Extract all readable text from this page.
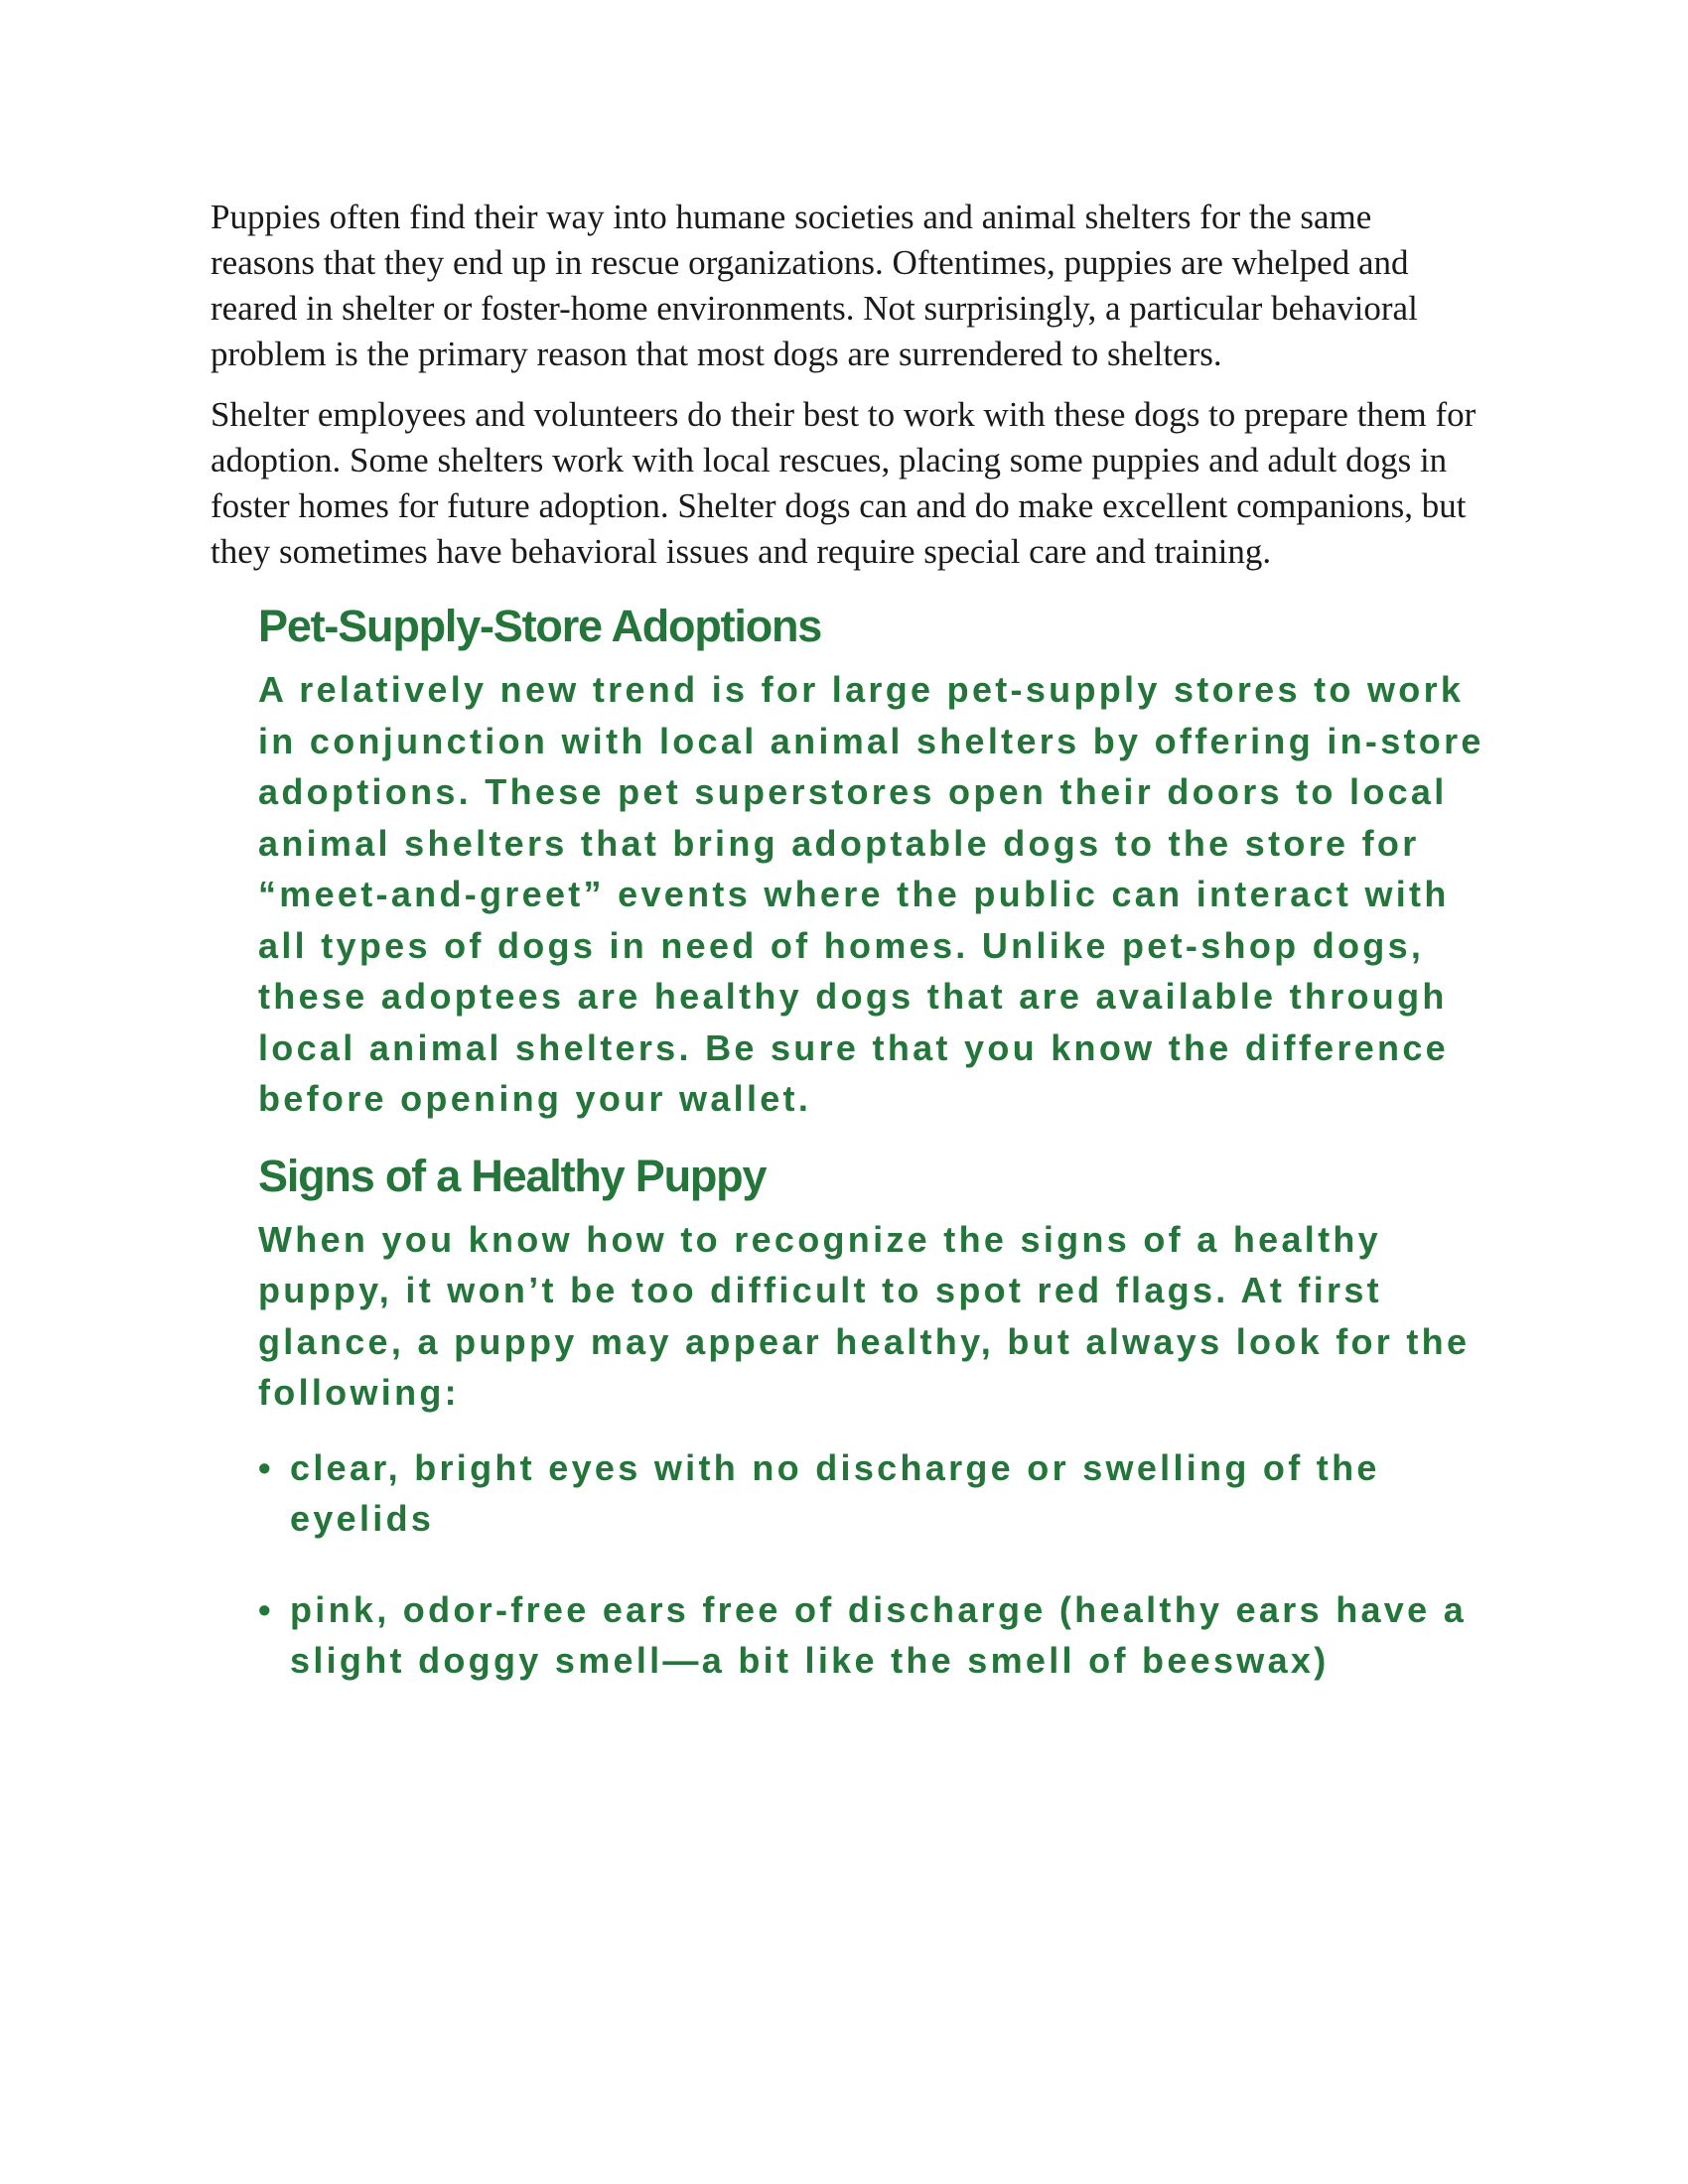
Puppies often find their way into humane societies and animal shelters for the same reasons that they end up in rescue organizations. Oftentimes, puppies are whelped and reared in shelter or foster-home environments. Not surprisingly, a particular behavioral problem is the primary reason that most dogs are surrendered to shelters.

Shelter employees and volunteers do their best to work with these dogs to prepare them for adoption. Some shelters work with local rescues, placing some puppies and adult dogs in foster homes for future adoption. Shelter dogs can and do make excellent companions, but they sometimes have behavioral issues and require special care and training.

Pet-Supply-Store Adoptions

A relatively new trend is for large pet-supply stores to work in conjunction with local animal shelters by offering in-store adoptions. These pet superstores open their doors to local animal shelters that bring adoptable dogs to the store for “meet-and-greet” events where the public can interact with all types of dogs in need of homes. Unlike pet-shop dogs, these adoptees are healthy dogs that are available through local animal shelters. Be sure that you know the difference before opening your wallet.

Signs of a Healthy Puppy

When you know how to recognize the signs of a healthy puppy, it won’t be too difficult to spot red flags. At first glance, a puppy may appear healthy, but always look for the following:

• clear, bright eyes with no discharge or swelling of the eyelids
• pink, odor-free ears free of discharge (healthy ears have a slight doggy smell—a bit like the smell of beeswax)
